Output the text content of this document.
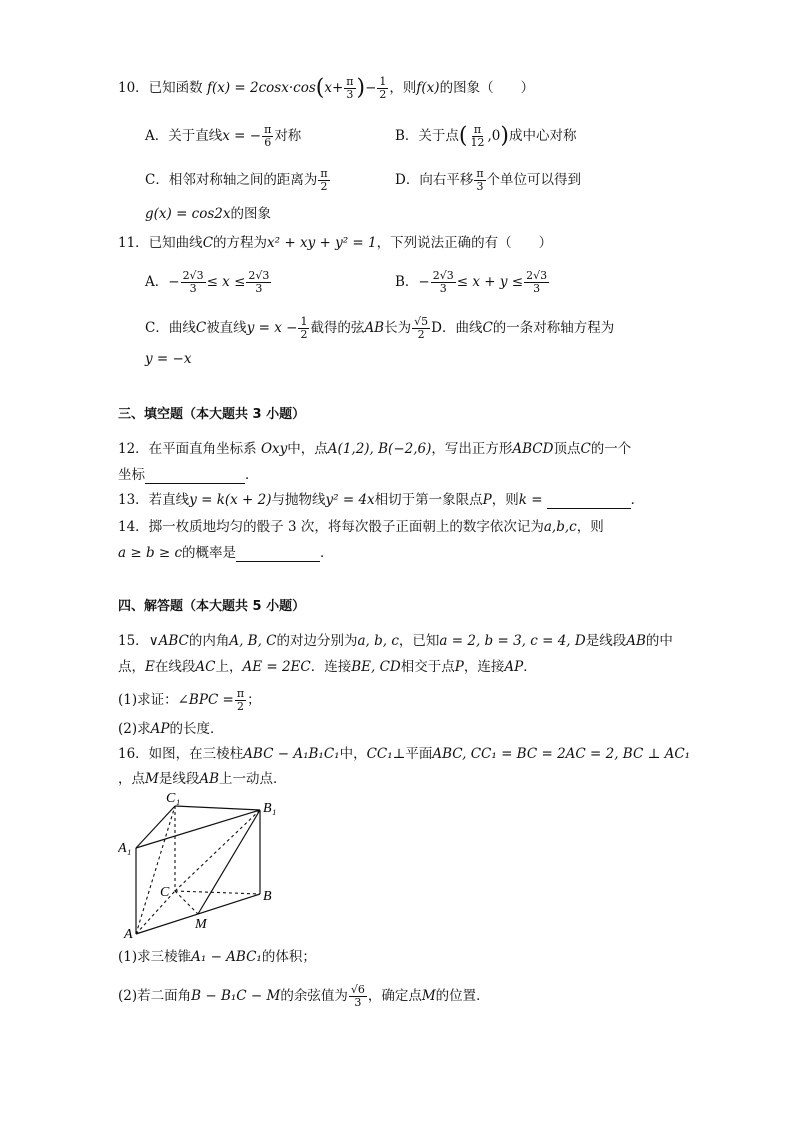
10．已知函数 $f(x) = 2\cos x\cdot\cos(x+ \frac{\pi}{3}$ )− $\frac{1}{2}$ ，则f(x)的图象（　　）
A．关于直线x = − $\frac{\pi}{6}$ 对称	B．关于点( $\frac{\pi}{12} ,0$)成中心对称
C．相邻对称轴之间的距离为 $\frac{\pi}{2}$	D．向右平移 $\frac{\pi}{3}$ 个单位可以得到
g(x) = cos2x的图象
11．已知曲线C的方程为x² + xy + y² = 1，下列说法正确的有（　　）
A．− $\frac{2√3}{3} \le x \le \frac{2√3}{3}$	B．− $\frac{2√3}{3} \le x + y \le \frac{2√3}{3}$
C．曲线C被直线$y = x - \frac{1}{2}$ 截得的弦AB长为 $\frac{√5}{2}$ D．曲线C的一条对称轴方程为
y = −x
三、填空题（本大题共 3 小题）
12．在平面直角坐标系 Oxy中，点A(1,2), B(−2,6)，写出正方形ABCD顶点C的一个
坐标	．
13．若直线y = k(x + 2)与抛物线y² = 4x相切于第一象限点P，则k =	．
14．掷一枚质地均匀的骰子 3 次，将每次骰子正面朝上的数字依次记为a,b,c，则
a ≥ b ≥ c的概率是	．
四、解答题（本大题共 5 小题）
15．∨ABC的内角A, B, C的对边分别为a, b, c，已知a = 2, b = 3, c = 4, D是线段AB的中
点，E在线段AC上，AE = 2EC．连接BE, CD相交于点P，连接AP．
(1)求证：∠BPC = $\frac{\pi}{2}$ ；
(2)求AP的长度．
16．如图，在三棱柱ABC − A₁B₁C₁中，CC₁⊥平面ABC, CC₁ = BC = 2AC = 2, BC ⊥ AC₁
，点M是线段AB上一动点．
C₁
B₁
A₁
C	B
M
A
(1)求三棱锥A₁ − ABC₁的体积；
(2)若二面角B − B₁C − M的余弦值为 $\frac{√6}{3}$ ，确定点M的位置．
